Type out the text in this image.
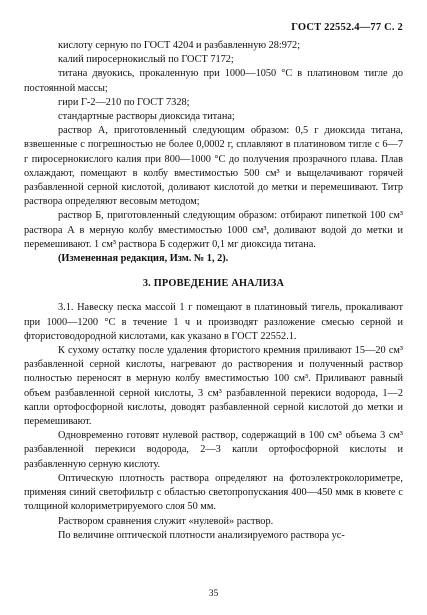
ГОСТ 22552.4—77 С. 2

кислоту серную по ГОСТ 4204 и разбавленную 28:972;

калий пиросернокислый по ГОСТ 7172;

титана двуокись, прокаленную при 1000—1050 °С в платиновом тигле до постоянной массы;

гири Г-2—210 по ГОСТ 7328;

стандартные растворы диоксида титана;

раствор А, приготовленный следующим образом: 0,5 г диоксида титана, взвешенные с погрешностью не более 0,0002 г, сплавляют в платиновом тигле с 6—7 г пиросернокислого калия при 800—1000 °С до получения прозрачного плава. Плав охлаждают, помещают в колбу вместимостью 500 см³ и выщелачивают горячей разбавленной серной кислотой, доливают кислотой до метки и перемешивают. Титр раствора определяют весовым методом;

раствор Б, приготовленный следующим образом: отбирают пипеткой 100 см³ раствора А в мерную колбу вместимостью 1000 см³, доливают водой до метки и перемешивают. 1 см³ раствора Б содержит 0,1 мг диоксида титана.

(Измененная редакция, Изм. № 1, 2).

3. ПРОВЕДЕНИЕ АНАЛИЗА

3.1. Навеску песка массой 1 г помещают в платиновый тигель, прокаливают при 1000—1200 °С в течение 1 ч и производят разложение смесью серной и фтористоводородной кислотами, как указано в ГОСТ 22552.1.

К сухому остатку после удаления фтористого кремния приливают 15—20 см³ разбавленной серной кислоты, нагревают до растворения и полученный раствор полностью переносят в мерную колбу вместимостью 100 см³. Приливают равный объем разбавленной серной кислоты, 3 см³ разбавленной перекиси водорода, 1—2 капли ортофосфорной кислоты, доводят разбавленной серной кислотой до метки и перемешивают.

Одновременно готовят нулевой раствор, содержащий в 100 см³ объема 3 см³ разбавленной перекиси водорода, 2—3 капли ортофосфорной кислоты и разбавленную серную кислоту.

Оптическую плотность раствора определяют на фотоэлектроколориметре, применяя синий светофильтр с областью светопропускания 400—450 ммк в кювете с толщиной колориметрируемого слоя 50 мм.

Раствором сравнения служит «нулевой» раствор.

По величине оптической плотности анализируемого раствора ус-

35
